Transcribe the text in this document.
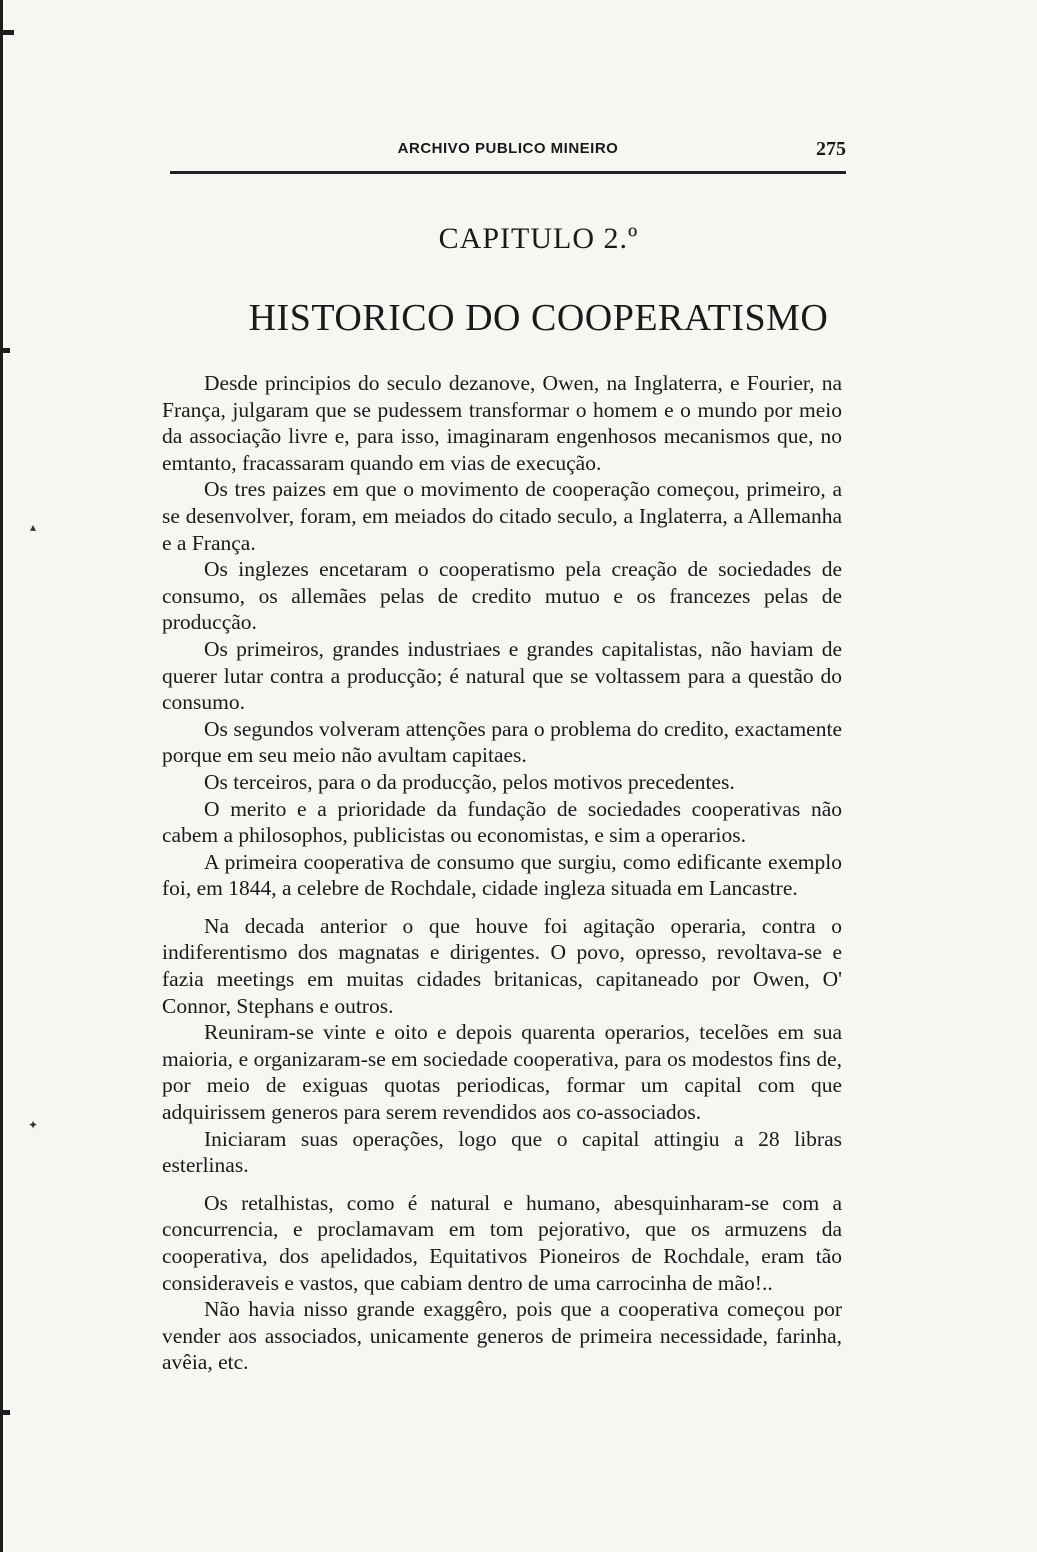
▴
✦
ARCHIVO PUBLICO MINEIRO	275
CAPITULO 2.º
HISTORICO DO COOPERATISMO

Desde principios do seculo dezanove, Owen, na Inglaterra, e Fourier, na França, julgaram que se pudessem transformar o homem e o mundo por meio da associação livre e, para isso, imaginaram engenhosos mecanismos que, no emtanto, fracassaram quando em vias de execução.

Os tres paizes em que o movimento de cooperação começou, primeiro, a se desenvolver, foram, em meiados do citado seculo, a Inglaterra, a Allemanha e a França.

Os inglezes encetaram o cooperatismo pela creação de sociedades de consumo, os allemães pelas de credito mutuo e os francezes pelas de producção.

Os primeiros, grandes industriaes e grandes capitalistas, não haviam de querer lutar contra a producção; é natural que se voltassem para a questão do consumo.

Os segundos volveram attenções para o problema do credito, exactamente porque em seu meio não avultam capitaes.

Os terceiros, para o da producção, pelos motivos precedentes.

O merito e a prioridade da fundação de sociedades cooperativas não cabem a philosophos, publicistas ou economistas, e sim a operarios.

A primeira cooperativa de consumo que surgiu, como edificante exemplo foi, em 1844, a celebre de Rochdale, cidade ingleza situada em Lancastre.

Na decada anterior o que houve foi agitação operaria, contra o indiferentismo dos magnatas e dirigentes. O povo, opresso, revoltava-se e fazia meetings em muitas cidades britanicas, capitaneado por Owen, O' Connor, Stephans e outros.

Reuniram-se vinte e oito e depois quarenta operarios, tecelões em sua maioria, e organizaram-se em sociedade cooperativa, para os modestos fins de, por meio de exiguas quotas periodicas, formar um capital com que adquirissem generos para serem revendidos aos co-associados.

Iniciaram suas operações, logo que o capital attingiu a 28 libras esterlinas.

Os retalhistas, como é natural e humano, abesquinharam-se com a concurrencia, e proclamavam em tom pejorativo, que os armuzens da cooperativa, dos apelidados, Equitativos Pioneiros de Rochdale, eram tão consideraveis e vastos, que cabiam dentro de uma carrocinha de mão!..

Não havia nisso grande exaggêro, pois que a cooperativa começou por vender aos associados, unicamente generos de primeira necessidade, farinha, avêia, etc.
